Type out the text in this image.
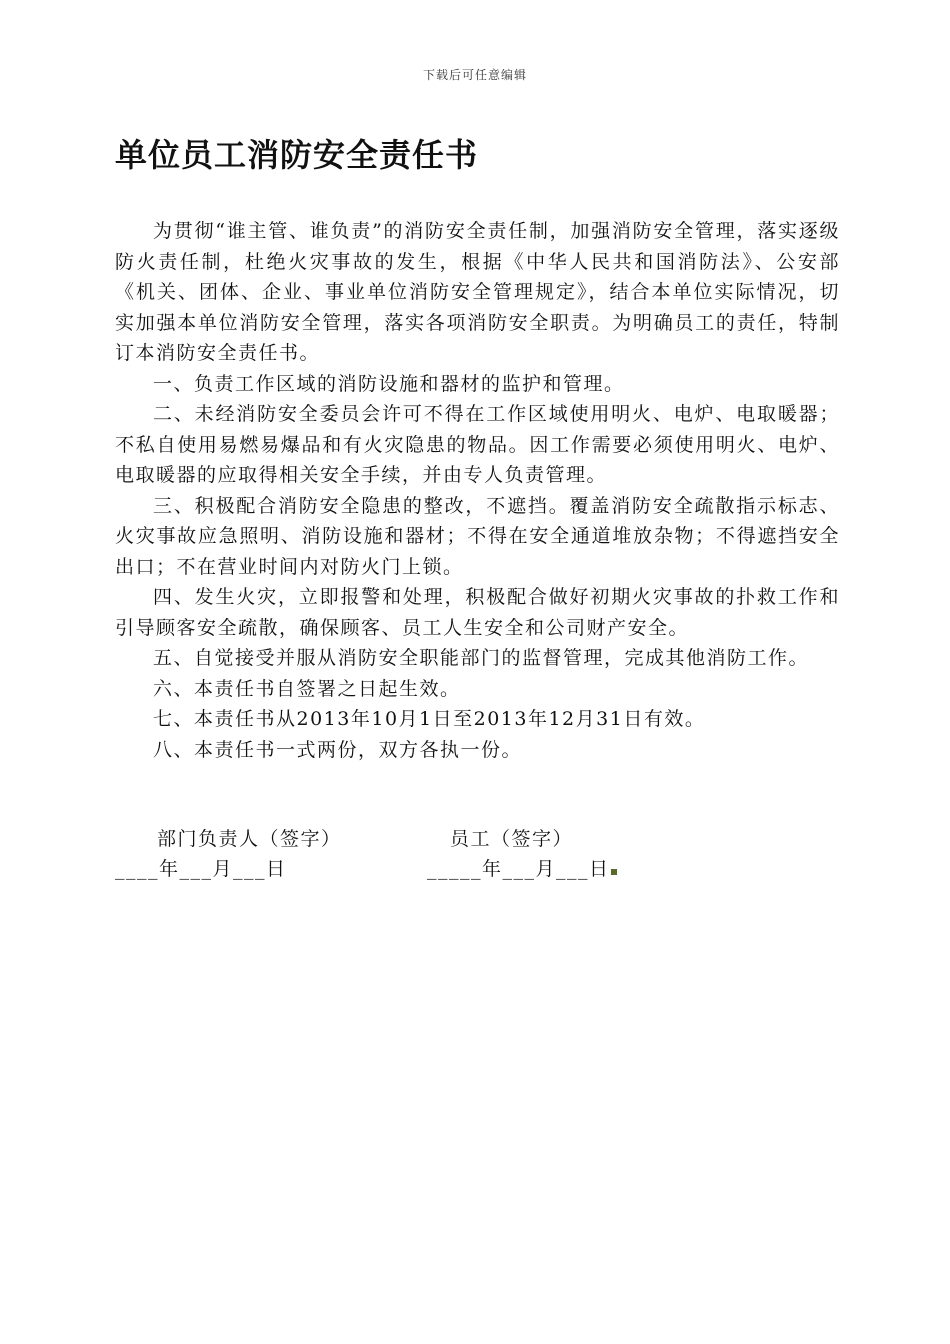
下载后可任意编辑
单位员工消防安全责任书

为贯彻“谁主管、谁负责”的消防安全责任制，加强消防安全管理，落实逐级防火责任制，杜绝火灾事故的发生，根据《中华人民共和国消防法》、公安部《机关、团体、企业、事业单位消防安全管理规定》，结合本单位实际情况，切实加强本单位消防安全管理，落实各项消防安全职责。为明确员工的责任，特制订本消防安全责任书。

一、负责工作区域的消防设施和器材的监护和管理。

二、未经消防安全委员会许可不得在工作区域使用明火、电炉、电取暖器；不私自使用易燃易爆品和有火灾隐患的物品。因工作需要必须使用明火、电炉、电取暖器的应取得相关安全手续，并由专人负责管理。

三、积极配合消防安全隐患的整改，不遮挡。覆盖消防安全疏散指示标志、火灾事故应急照明、消防设施和器材；不得在安全通道堆放杂物；不得遮挡安全出口；不在营业时间内对防火门上锁。

四、发生火灾，立即报警和处理，积极配合做好初期火灾事故的扑救工作和引导顾客安全疏散，确保顾客、员工人生安全和公司财产安全。

五、自觉接受并服从消防安全职能部门的监督管理，完成其他消防工作。

六、本责任书自签署之日起生效。

七、本责任书从2013年10月1日至2013年12月31日有效。

八、本责任书一式两份，双方各执一份。

部门负责人（签字）	员工（签字）
____年___月___日	_____年___月___日
